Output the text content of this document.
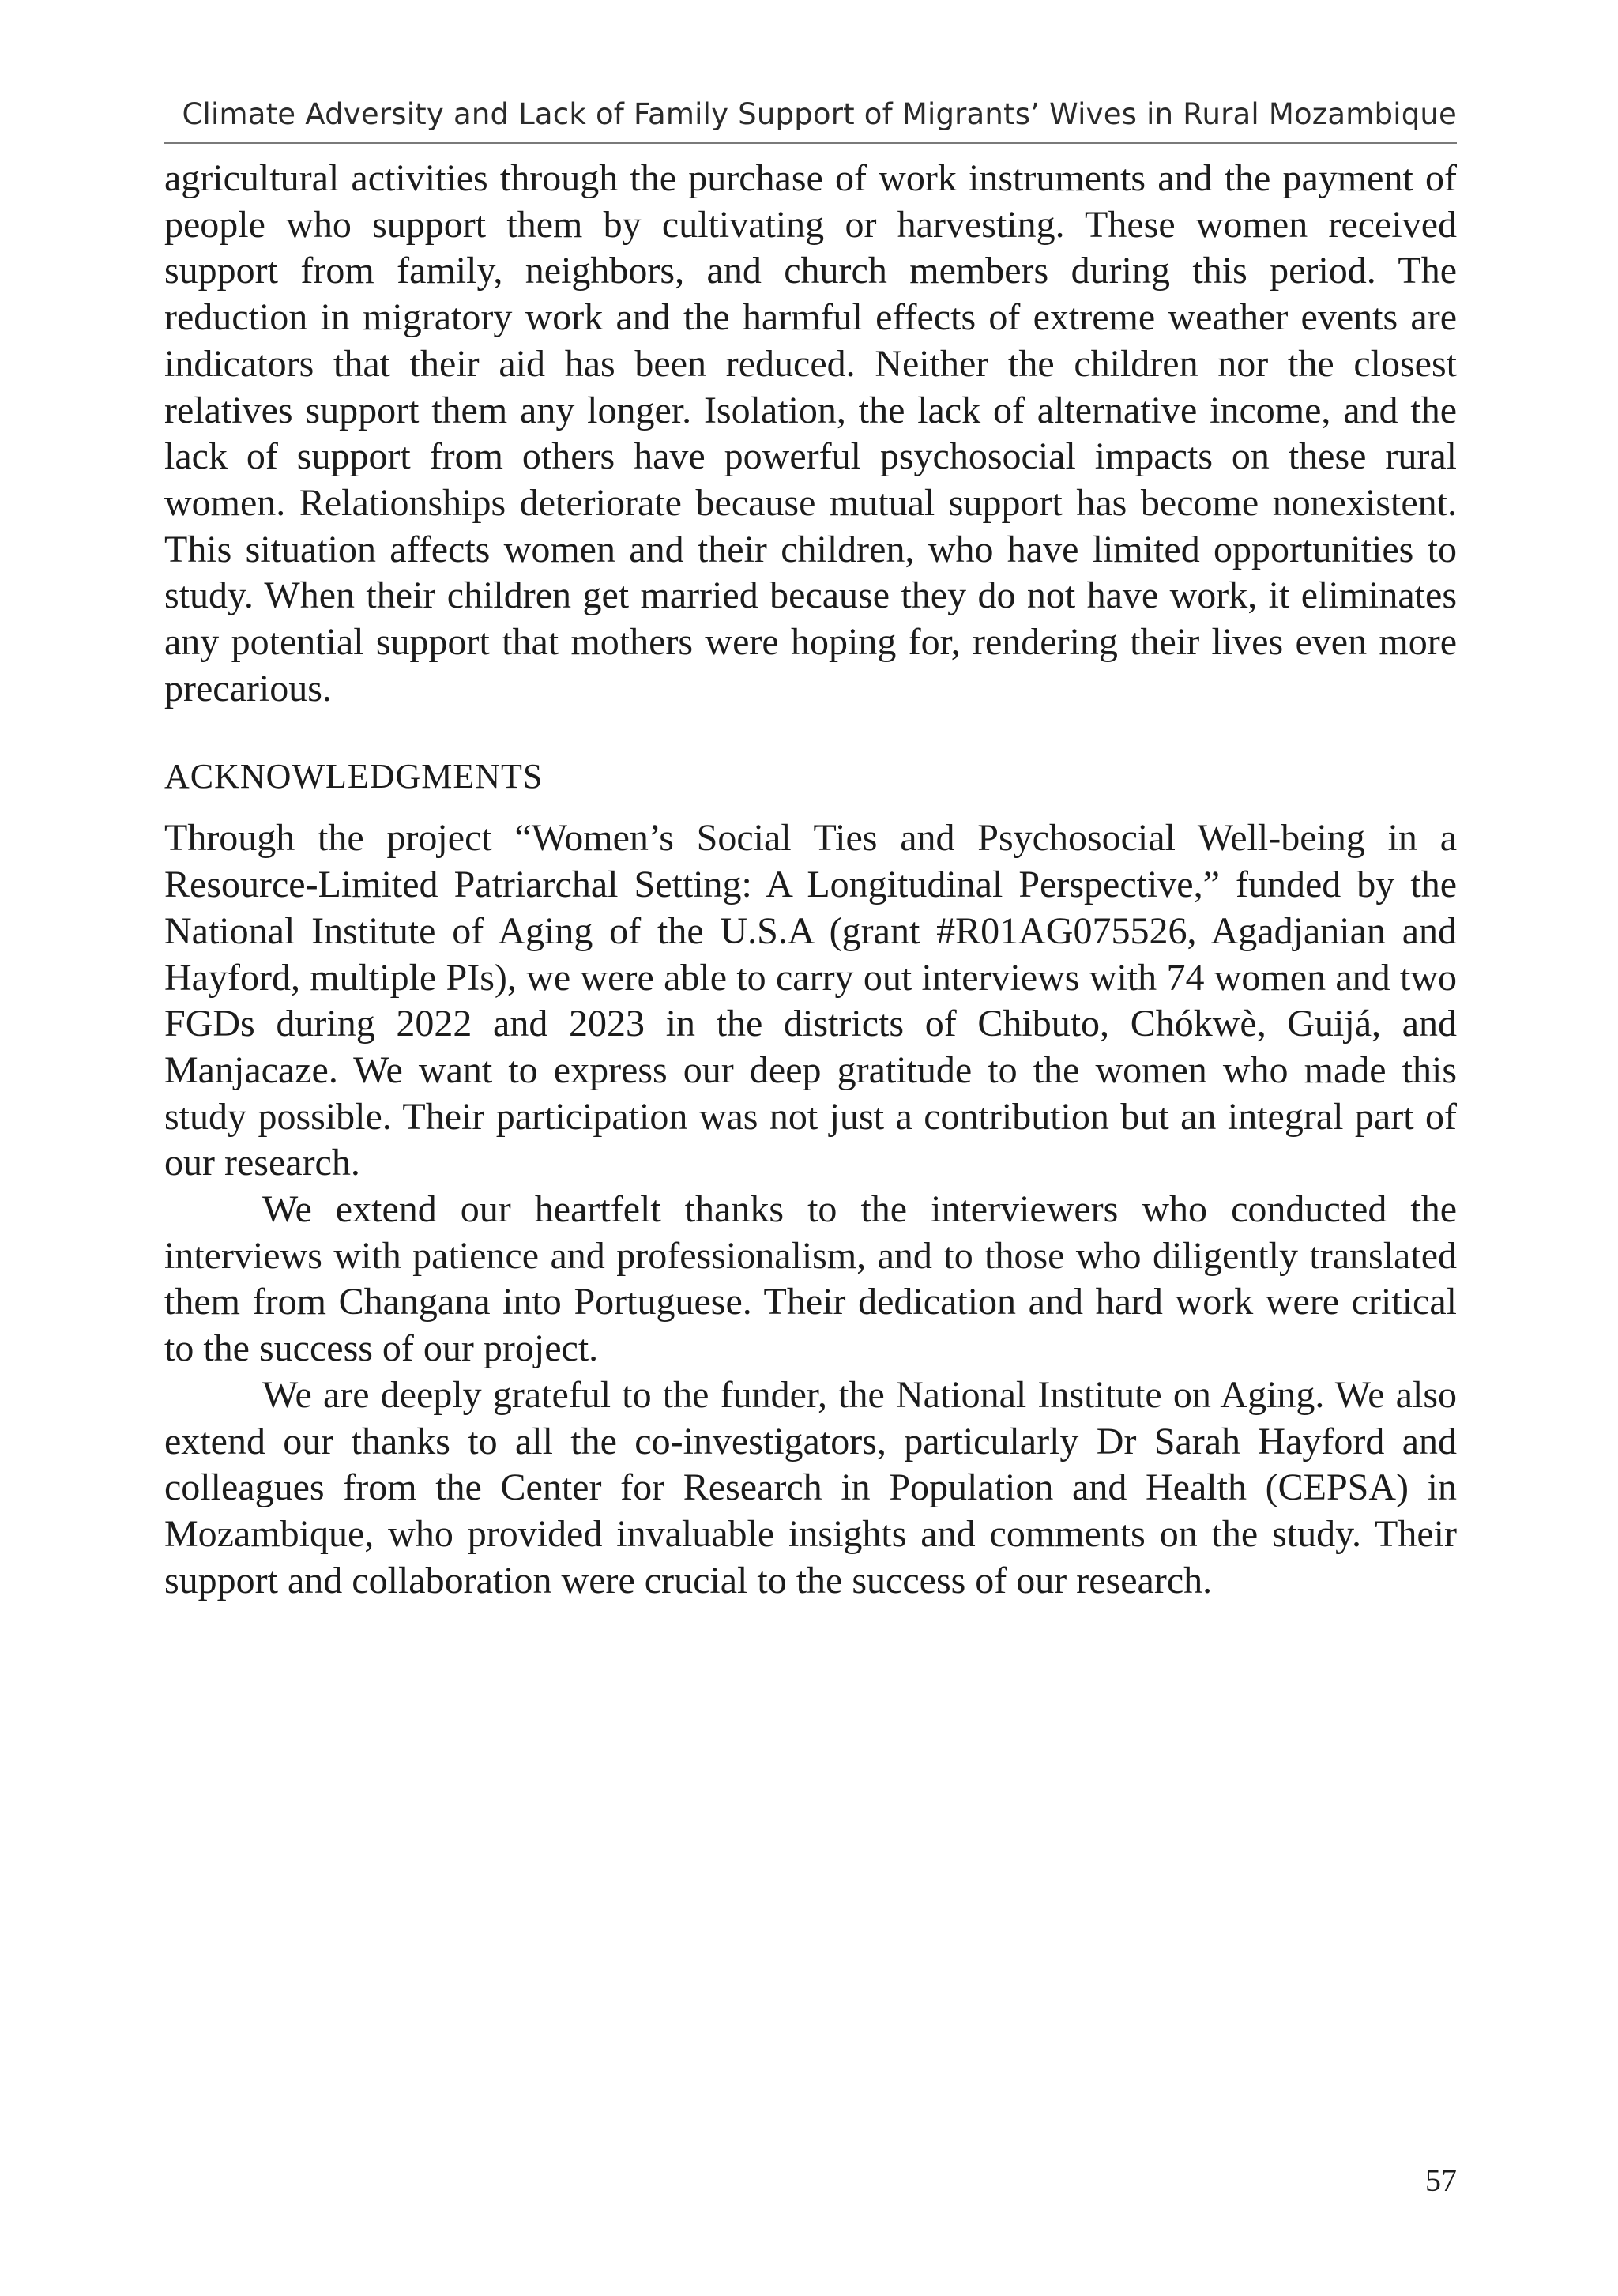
Climate Adversity and Lack of Family Support of Migrants’ Wives in Rural Mozambique

agricultural activities through the purchase of work instruments and the payment of people who support them by cultivating or harvesting. These women received support from family, neighbors, and church members during this period. The reduction in migratory work and the harmful effects of extreme weather events are indicators that their aid has been reduced. Neither the children nor the closest relatives support them any longer. Isolation, the lack of alternative income, and the lack of support from others have powerful psychosocial impacts on these rural women. Relationships deteriorate because mutual support has become nonexistent. This situation affects women and their children, who have limited opportunities to study. When their children get married because they do not have work, it eliminates any potential support that mothers were hoping for, rendering their lives even more precarious.

ACKNOWLEDGMENTS

Through the project “Women’s Social Ties and Psychosocial Well-being in a Resource-Limited Patriarchal Setting: A Longitudinal Perspective,” funded by the National Institute of Aging of the U.S.A (grant #R01AG075526, Agadjanian and Hayford, multiple PIs), we were able to carry out interviews with 74 women and two FGDs during 2022 and 2023 in the districts of Chibuto, Chókwè, Guijá, and Manjacaze. We want to express our deep gratitude to the women who made this study possible. Their participation was not just a contribution but an integral part of our research.

We extend our heartfelt thanks to the interviewers who conducted the interviews with patience and professionalism, and to those who diligently translated them from Changana into Portuguese. Their dedication and hard work were critical to the success of our project.

We are deeply grateful to the funder, the National Institute on Aging. We also extend our thanks to all the co-investigators, particularly Dr Sarah Hayford and colleagues from the Center for Research in Population and Health (CEPSA) in Mozambique, who provided invaluable insights and comments on the study. Their support and collaboration were crucial to the success of our research.

57
